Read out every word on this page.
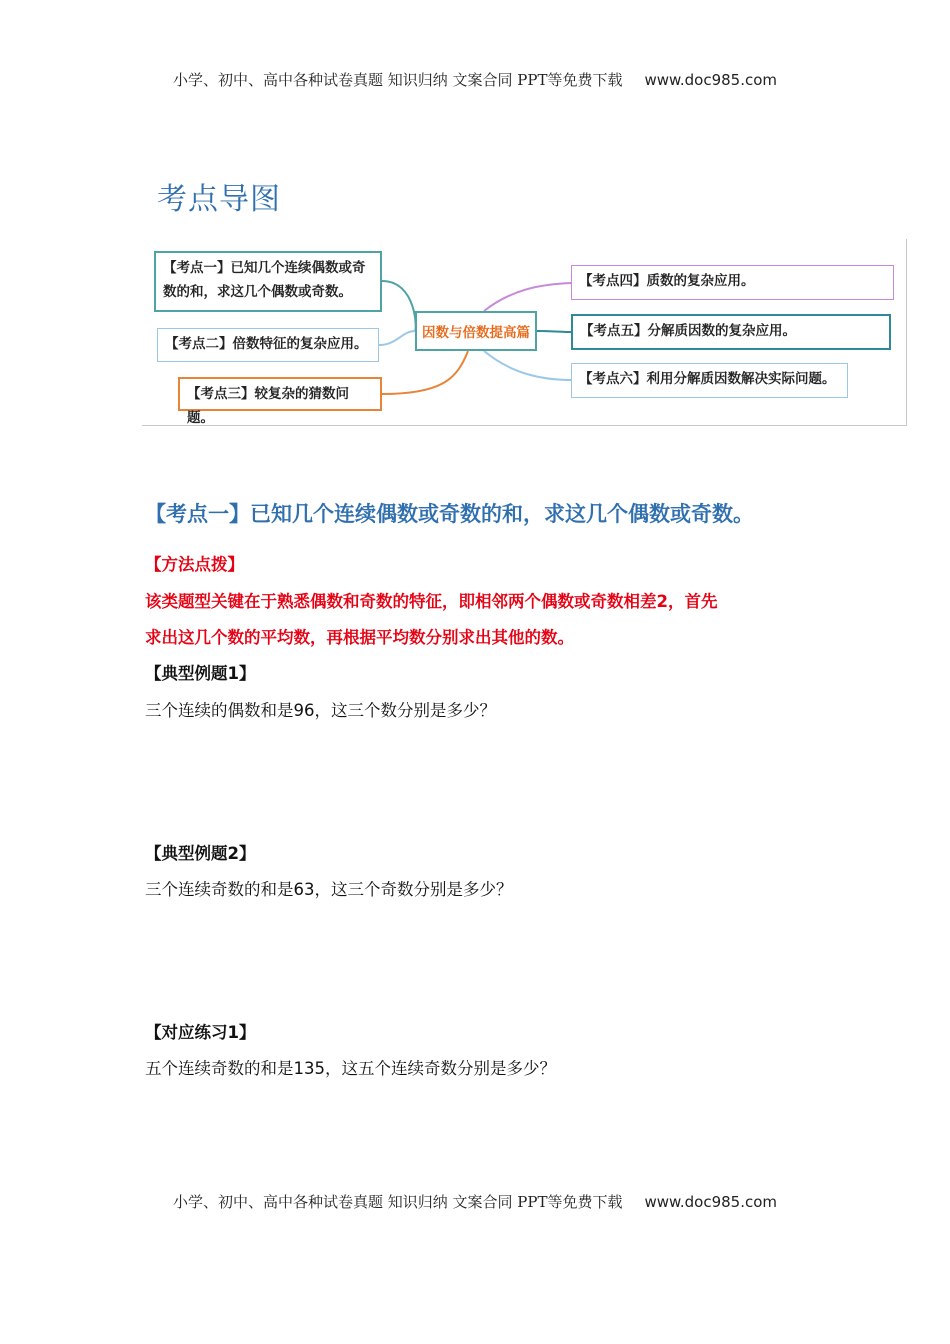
小学、初中、高中各种试卷真题 知识归纳 文案合同 PPT等免费下载 www.doc985.com
考点导图
【考点一】已知几个连续偶数或奇
数的和，求这几个偶数或奇数。
【考点二】倍数特征的复杂应用。
【考点三】较复杂的猜数问题。
因数与倍数提高篇
【考点四】质数的复杂应用。
【考点五】分解质因数的复杂应用。
【考点六】利用分解质因数解决实际问题。
【考点一】已知几个连续偶数或奇数的和，求这几个偶数或奇数。
【方法点拨】
该类题型关键在于熟悉偶数和奇数的特征，即相邻两个偶数或奇数相差2，首先
求出这几个数的平均数，再根据平均数分别求出其他的数。
【典型例题1】
三个连续的偶数和是96，这三个数分别是多少？
【典型例题2】
三个连续奇数的和是63，这三个奇数分别是多少？
【对应练习1】
五个连续奇数的和是135，这五个连续奇数分别是多少？
小学、初中、高中各种试卷真题 知识归纳 文案合同 PPT等免费下载 www.doc985.com
